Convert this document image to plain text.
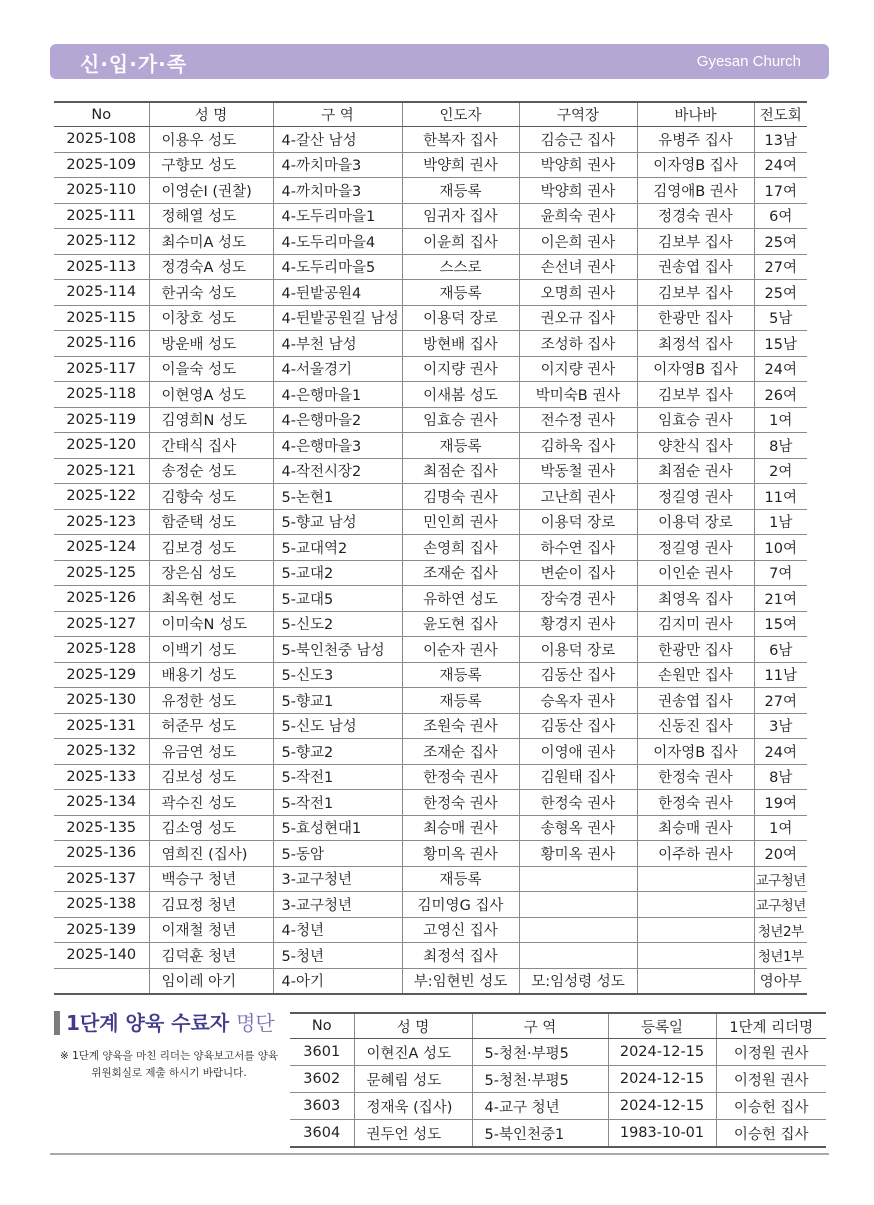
신·입·가·족	Gyesan Church
No	성 명	구 역	인도자	구역장	바나바	전도회
2025-108	이용우 성도	4-갈산 남성	한복자 집사	김승근 집사	유병주 집사	13남
2025-109	구향모 성도	4-까치마을3	박양희 권사	박양희 권사	이자영B 집사	24여
2025-110	이영순I (권찰)	4-까치마을3	재등록	박양희 권사	김영애B 권사	17여
2025-111	정해열 성도	4-도두리마을1	임귀자 집사	윤희숙 권사	정경숙 권사	6여
2025-112	최수미A 성도	4-도두리마을4	이윤희 집사	이은희 권사	김보부 집사	25여
2025-113	정경숙A 성도	4-도두리마을5	스스로	손선녀 권사	권송엽 집사	27여
2025-114	한귀숙 성도	4-뒨밭공원4	재등록	오명희 권사	김보부 집사	25여
2025-115	이창호 성도	4-뒨밭공원길 남성	이용덕 장로	권오규 집사	한광만 집사	5남
2025-116	방운배 성도	4-부천 남성	방현배 집사	조성하 집사	최정석 집사	15남
2025-117	이을숙 성도	4-서울경기	이지량 권사	이지량 권사	이자영B 집사	24여
2025-118	이현영A 성도	4-은행마을1	이새봄 성도	박미숙B 권사	김보부 집사	26여
2025-119	김영희N 성도	4-은행마을2	임효승 권사	전수정 권사	임효승 권사	1여
2025-120	간태식 집사	4-은행마을3	재등록	김하욱 집사	양찬식 집사	8남
2025-121	송정순 성도	4-작전시장2	최점순 집사	박동철 권사	최점순 권사	2여
2025-122	김향숙 성도	5-논현1	김명숙 권사	고난희 권사	정길영 권사	11여
2025-123	함준택 성도	5-향교 남성	민인희 권사	이용덕 장로	이용덕 장로	1남
2025-124	김보경 성도	5-교대역2	손영희 집사	하수연 집사	정길영 권사	10여
2025-125	장은심 성도	5-교대2	조재순 집사	변순이 집사	이인순 권사	7여
2025-126	최옥현 성도	5-교대5	유하연 성도	장숙경 권사	최영옥 집사	21여
2025-127	이미숙N 성도	5-신도2	윤도현 집사	황경지 권사	김지미 권사	15여
2025-128	이백기 성도	5-북인천중 남성	이순자 권사	이용덕 장로	한광만 집사	6남
2025-129	배용기 성도	5-신도3	재등록	김동산 집사	손원만 집사	11남
2025-130	유정한 성도	5-향교1	재등록	승옥자 권사	권송엽 집사	27여
2025-131	허준무 성도	5-신도 남성	조원숙 권사	김동산 집사	신동진 집사	3남
2025-132	유금연 성도	5-향교2	조재순 집사	이영애 권사	이자영B 집사	24여
2025-133	김보성 성도	5-작전1	한정숙 권사	김원태 집사	한정숙 권사	8남
2025-134	곽수진 성도	5-작전1	한정숙 권사	한정숙 권사	한정숙 권사	19여
2025-135	김소영 성도	5-효성현대1	최승매 권사	송형옥 권사	최승매 권사	1여
2025-136	염희진 (집사)	5-동암	황미옥 권사	황미옥 권사	이주하 권사	20여
2025-137	백승구 청년	3-교구청년	재등록			교구청년
2025-138	김묘정 청년	3-교구청년	김미영G 집사			교구청년
2025-139	이재철 청년	4-청년	고영신 집사			청년2부
2025-140	김덕훈 청년	5-청년	최정석 집사			청년1부
	임이레 아기	4-아기	부:임현빈 성도	모:임성령 성도		영아부
1단계 양육 수료자 명단
※ 1단계 양육을 마친 리더는 양육보고서를 양육위원회실로 제출 하시기 바랍니다.
No	성 명	구 역	등록일	1단계 리더명
3601	이현진A 성도	5-청천·부평5	2024-12-15	이정원 권사
3602	문혜림 성도	5-청천·부평5	2024-12-15	이정원 권사
3603	정재욱 (집사)	4-교구 청년	2024-12-15	이승헌 집사
3604	권두언 성도	5-북인천중1	1983-10-01	이승헌 집사
